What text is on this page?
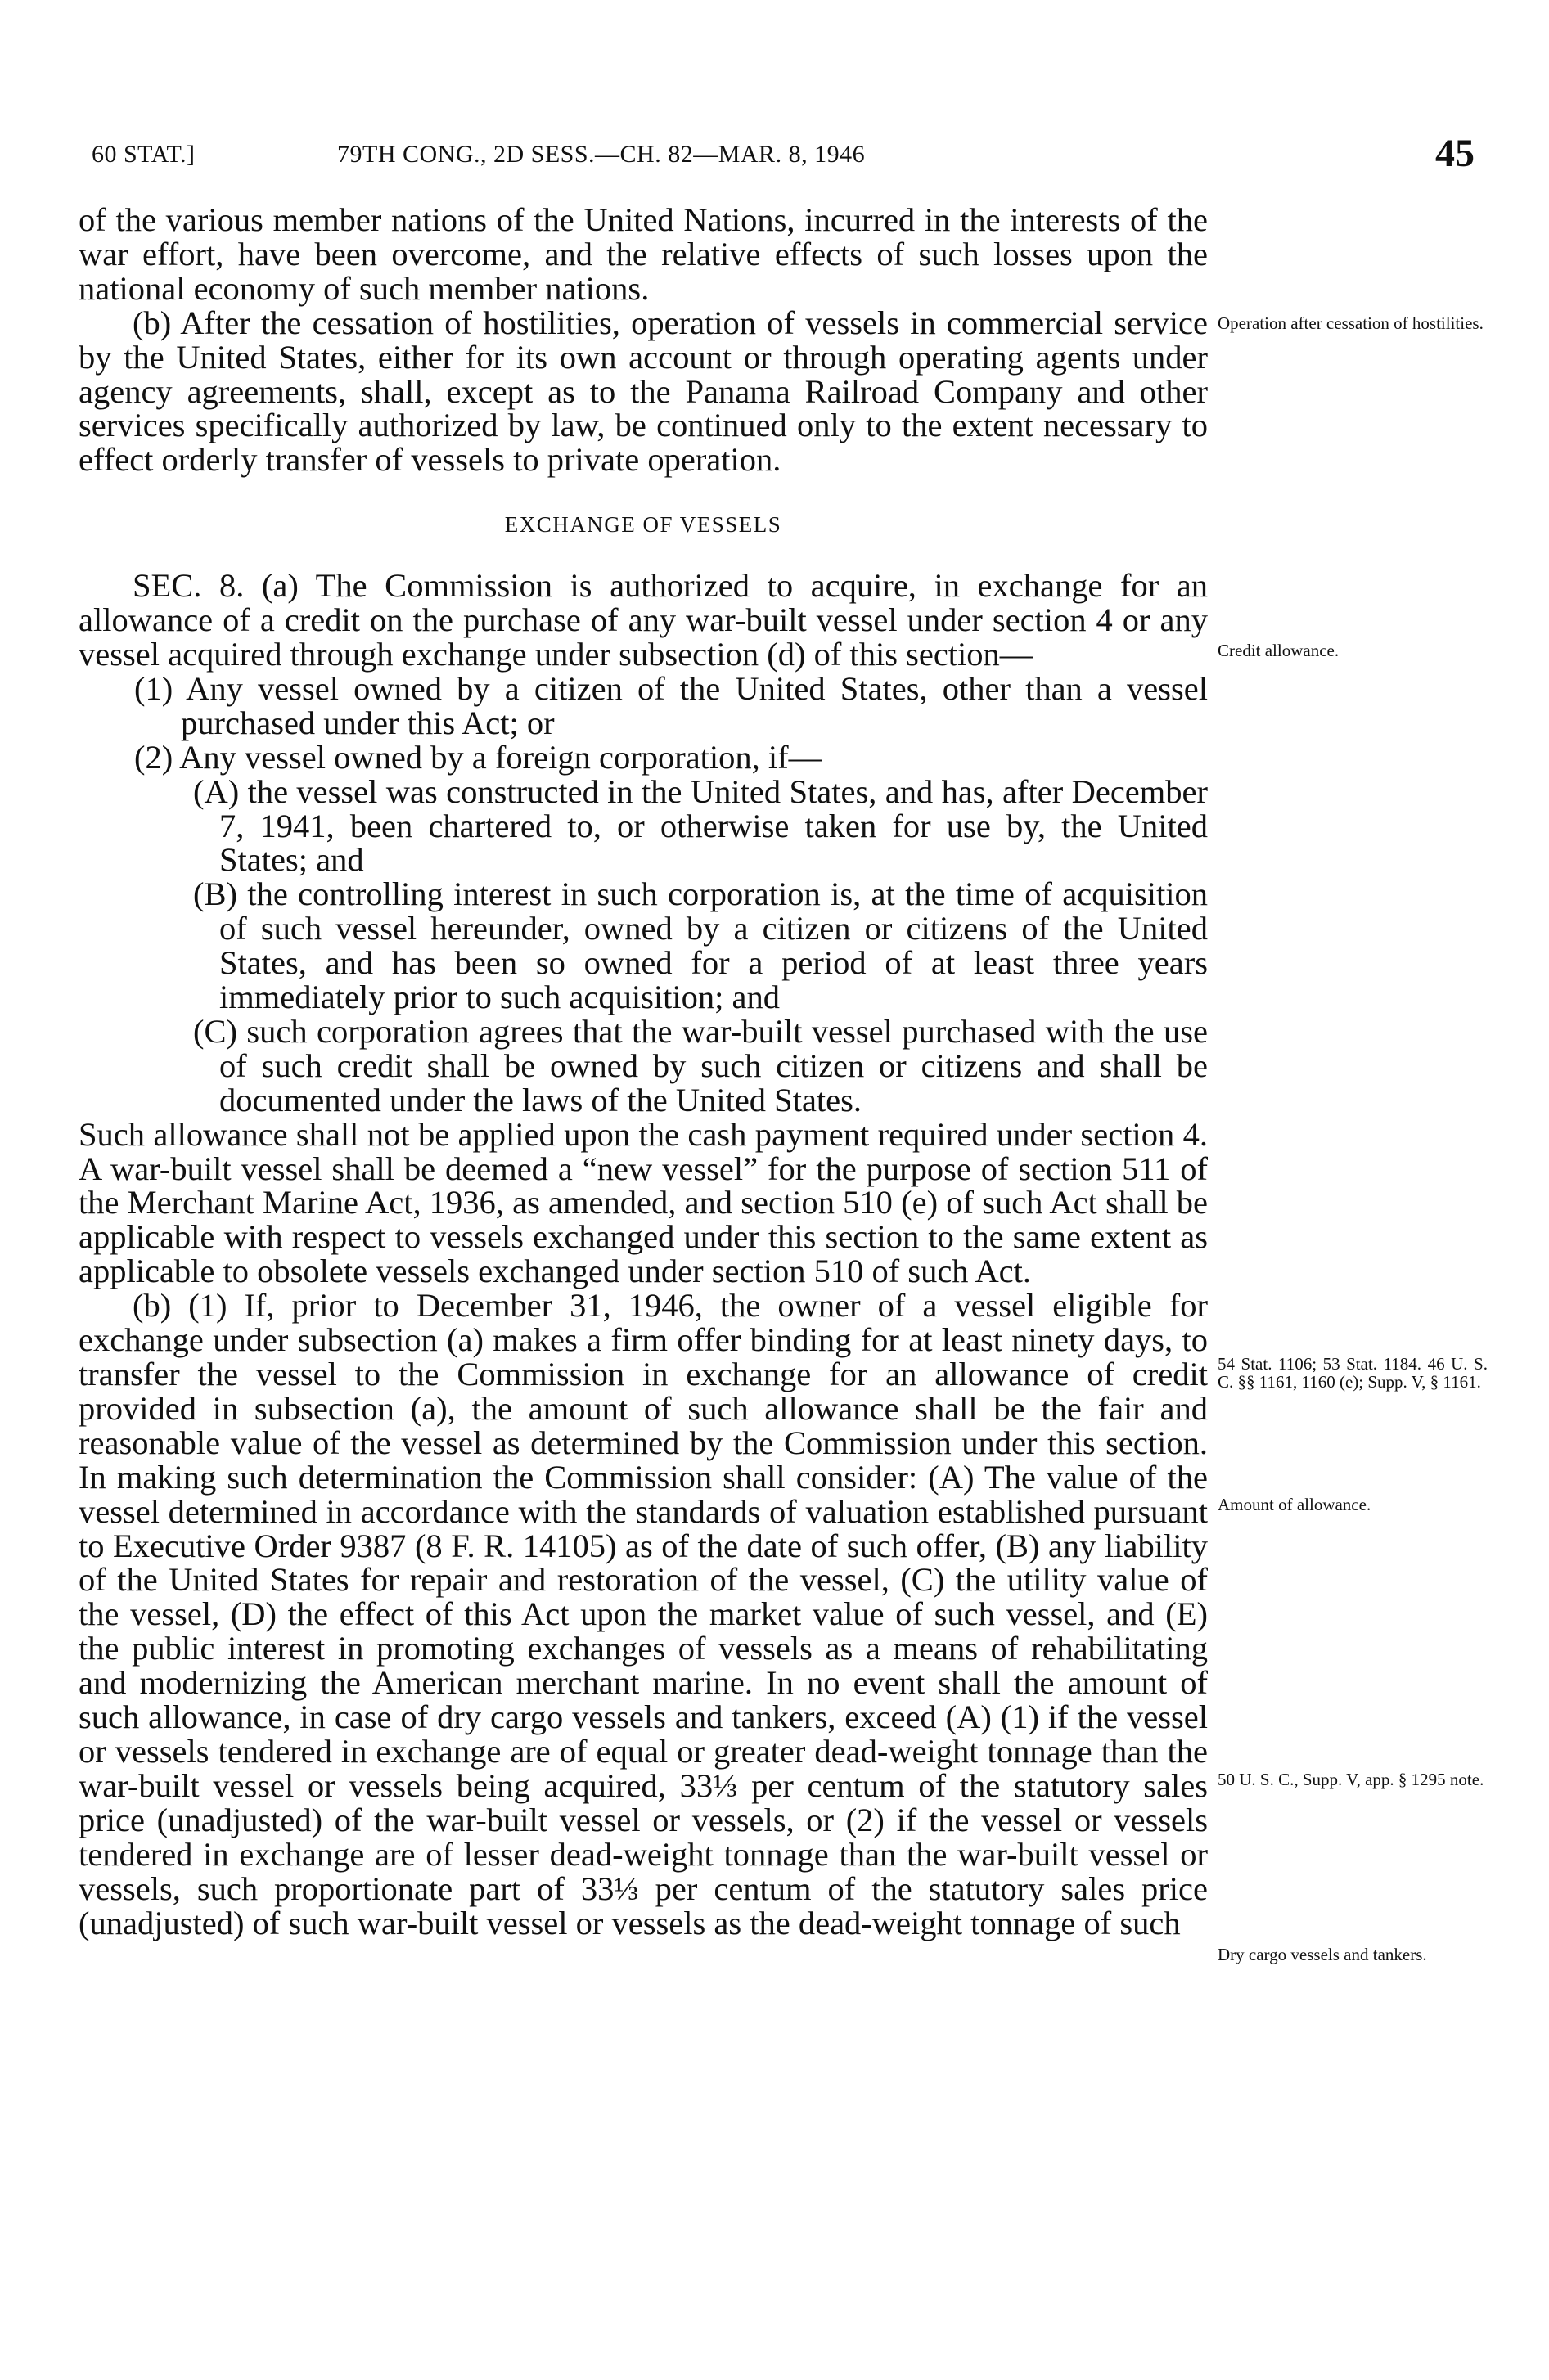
60 STAT.]	79TH CONG., 2D SESS.—CH. 82—MAR. 8, 1946	45

of the various member nations of the United Nations, incurred in the interests of the war effort, have been overcome, and the relative effects of such losses upon the national economy of such member nations.

(b) After the cessation of hostilities, operation of vessels in commercial service by the United States, either for its own account or through operating agents under agency agreements, shall, except as to the Panama Railroad Company and other services specifically authorized by law, be continued only to the extent necessary to effect orderly transfer of vessels to private operation.

EXCHANGE OF VESSELS

SEC. 8. (a) The Commission is authorized to acquire, in exchange for an allowance of a credit on the purchase of any war-built vessel under section 4 or any vessel acquired through exchange under subsection (d) of this section—

(1) Any vessel owned by a citizen of the United States, other than a vessel purchased under this Act; or

(2) Any vessel owned by a foreign corporation, if—

(A) the vessel was constructed in the United States, and has, after December 7, 1941, been chartered to, or otherwise taken for use by, the United States; and

(B) the controlling interest in such corporation is, at the time of acquisition of such vessel hereunder, owned by a citizen or citizens of the United States, and has been so owned for a period of at least three years immediately prior to such acquisition; and

(C) such corporation agrees that the war-built vessel purchased with the use of such credit shall be owned by such citizen or citizens and shall be documented under the laws of the United States.

Such allowance shall not be applied upon the cash payment required under section 4. A war-built vessel shall be deemed a “new vessel” for the purpose of section 511 of the Merchant Marine Act, 1936, as amended, and section 510 (e) of such Act shall be applicable with respect to vessels exchanged under this section to the same extent as applicable to obsolete vessels exchanged under section 510 of such Act.

(b) (1) If, prior to December 31, 1946, the owner of a vessel eligible for exchange under subsection (a) makes a firm offer binding for at least ninety days, to transfer the vessel to the Commission in exchange for an allowance of credit provided in subsection (a), the amount of such allowance shall be the fair and reasonable value of the vessel as determined by the Commission under this section. In making such determination the Commission shall consider: (A) The value of the vessel determined in accordance with the standards of valuation established pursuant to Executive Order 9387 (8 F. R. 14105) as of the date of such offer, (B) any liability of the United States for repair and restoration of the vessel, (C) the utility value of the vessel, (D) the effect of this Act upon the market value of such vessel, and (E) the public interest in promoting exchanges of vessels as a means of rehabilitating and modernizing the American merchant marine. In no event shall the amount of such allowance, in case of dry cargo vessels and tankers, exceed (A) (1) if the vessel or vessels tendered in exchange are of equal or greater dead-weight tonnage than the war-built vessel or vessels being acquired, 33⅓ per centum of the statutory sales price (unadjusted) of the war-built vessel or vessels, or (2) if the vessel or vessels tendered in exchange are of lesser dead-weight tonnage than the war-built vessel or vessels, such proportionate part of 33⅓ per centum of the statutory sales price (unadjusted) of such war-built vessel or vessels as the dead-weight tonnage of such

Operation after cessation of hostilities.
Credit allowance.
54 Stat. 1106; 53 Stat. 1184. 46 U. S. C. §§ 1161, 1160 (e); Supp. V, § 1161.
Amount of allowance.
50 U. S. C., Supp. V, app. § 1295 note.
Dry cargo vessels and tankers.
